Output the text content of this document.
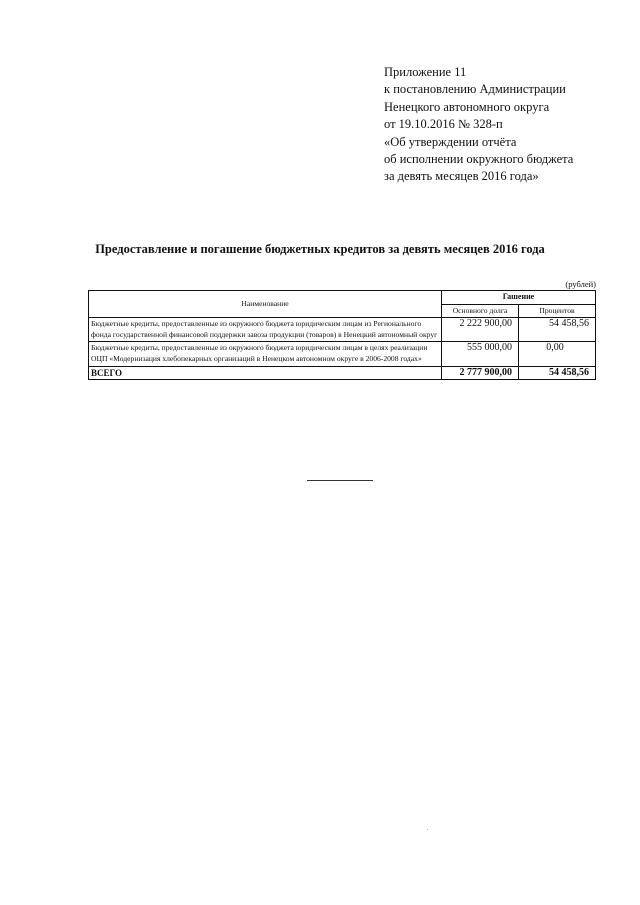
Приложение 11
к постановлению Администрации
Ненецкого автономного округа
от 19.10.2016 № 328-п
«Об утверждении отчёта
об исполнении окружного бюджета
за девять месяцев 2016 года»
Предоставление и погашение бюджетных кредитов за девять месяцев 2016 года
(рублей)
Наименование	Гашение	
	Основного долга	Процентов
Бюджетные кредиты, предоставленные из окружного бюджета юридическим лицам из Регионального фонда государственной финансовой поддержки завоза продукции (товаров) в Ненецкий автономный округ	2 222 900,00	54 458,56
Бюджетные кредиты, предоставленные из окружного бюджета юридическим лицам в целях реализации ОЦП «Модернизация хлебопекарных организаций в Ненецком автономном округе в 2006-2008 годах»	555 000,00	0,00
ВСЕГО	2 777 900,00	54 458,56
